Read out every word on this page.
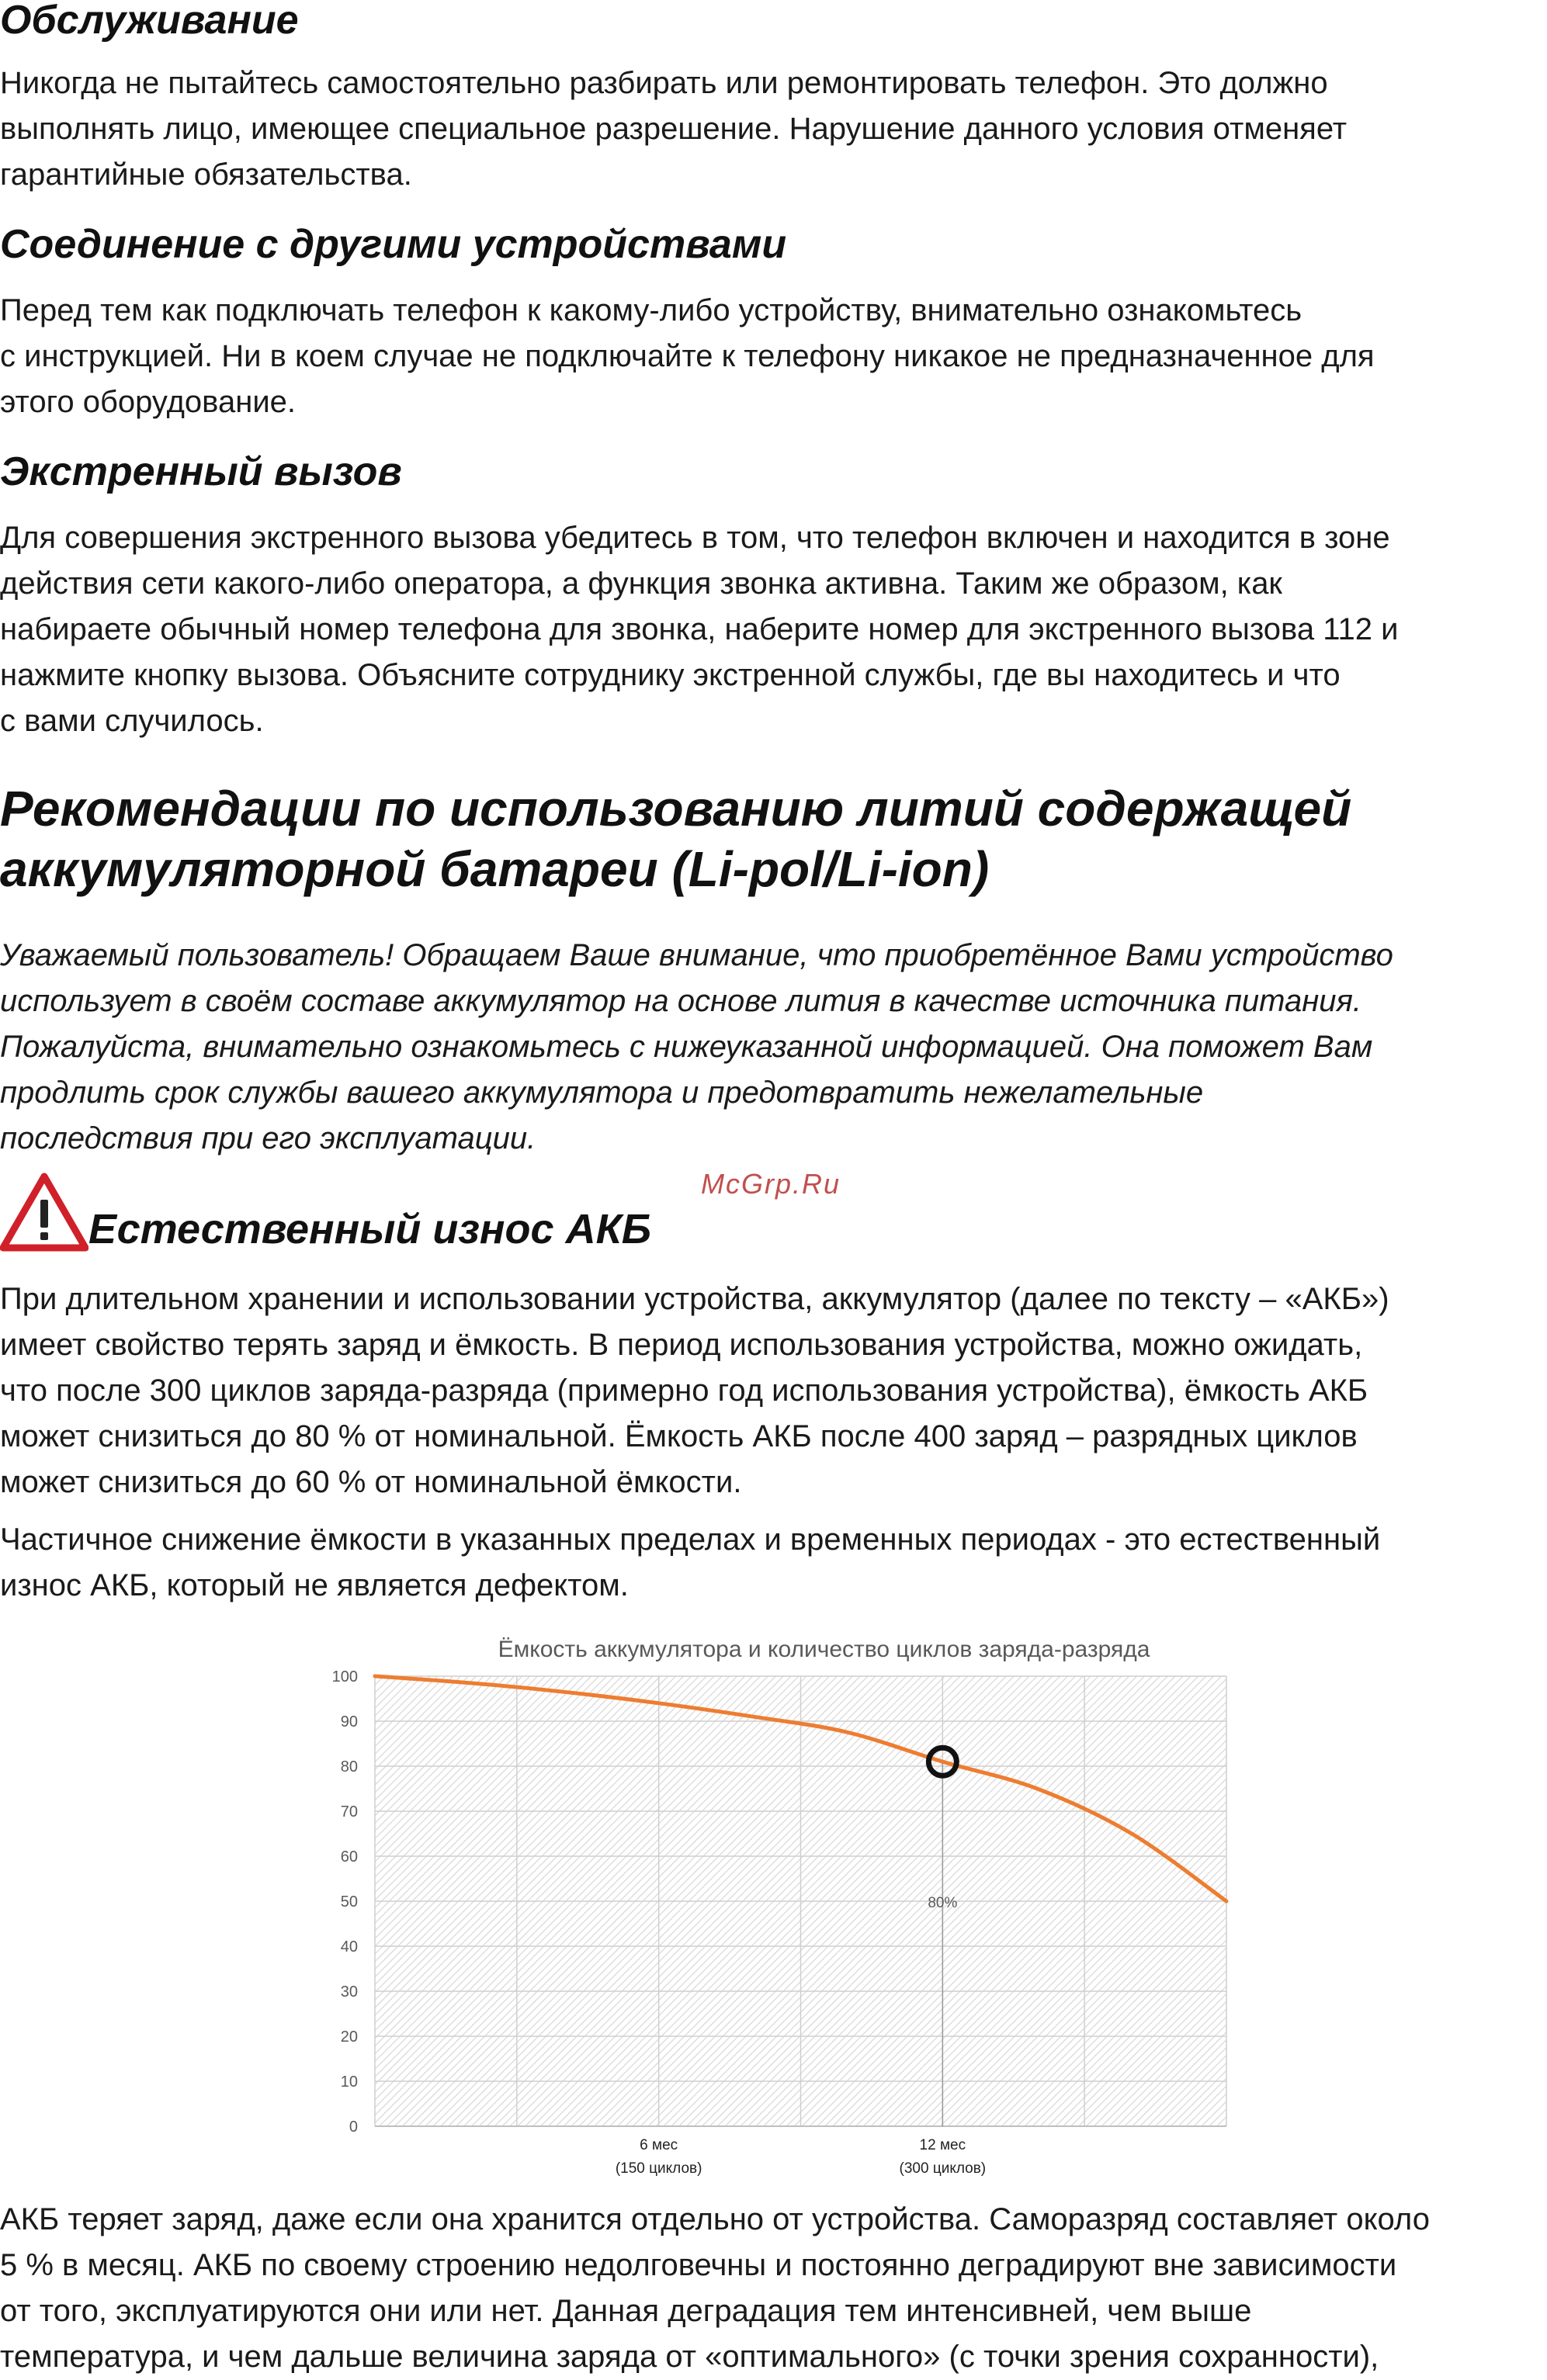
Обслуживание
Никогда не пытайтесь самостоятельно разбирать или ремонтировать телефон. Это должно
выполнять лицо, имеющее специальное разрешение. Нарушение данного условия отменяет
гарантийные обязательства.
Соединение с другими устройствами
Перед тем как подключать телефон к какому-либо устройству, внимательно ознакомьтесь
с инструкцией. Ни в коем случае не подключайте к телефону никакое не предназначенное для
этого оборудование.
Экстренный вызов
Для совершения экстренного вызова убедитесь в том, что телефон включен и находится в зоне
действия сети какого-либо оператора, а функция звонка активна. Таким же образом, как
набираете обычный номер телефона для звонка, наберите номер для экстренного вызова 112 и
нажмите кнопку вызова. Объясните сотруднику экстренной службы, где вы находитесь и что
с вами случилось.
Рекомендации по использованию литий содержащей
аккумуляторной батареи (Li-pol/Li-ion)
Уважаемый пользователь! Обращаем Ваше внимание, что приобретённое Вами устройство
использует в своём составе аккумулятор на основе лития в качестве источника питания.
Пожалуйста, внимательно ознакомьтесь с нижеуказанной информацией. Она поможет Вам
продлить срок службы вашего аккумулятора и предотвратить нежелательные
последствия при его эксплуатации.
McGrp.Ru
Естественный износ АКБ
При длительном хранении и использовании устройства, аккумулятор (далее по тексту – «АКБ»)
имеет свойство терять заряд и ёмкость. В период использования устройства, можно ожидать,
что после 300 циклов заряда-разряда (примерно год использования устройства), ёмкость АКБ
может снизиться до 80 % от номинальной. Ёмкость АКБ после 400 заряд – разрядных циклов
может снизиться до 60 % от номинальной ёмкости.
Частичное снижение ёмкости в указанных пределах и временных периодах - это естественный
износ АКБ, который не является дефектом.
Ёмкость аккумулятора и количество циклов заряда-разряда
0
10
20
30
40
50
60
70
80
90
100
6 мес
(150 циклов)
12 мес
(300 циклов)
80%
АКБ теряет заряд, даже если она хранится отдельно от устройства. Саморазряд составляет около
5 % в месяц. АКБ по своему строению недолговечны и постоянно деградируют вне зависимости
от того, эксплуатируются они или нет. Данная деградация тем интенсивней, чем выше
температура, и чем дальше величина заряда от «оптимального» (с точки зрения сохранности),
